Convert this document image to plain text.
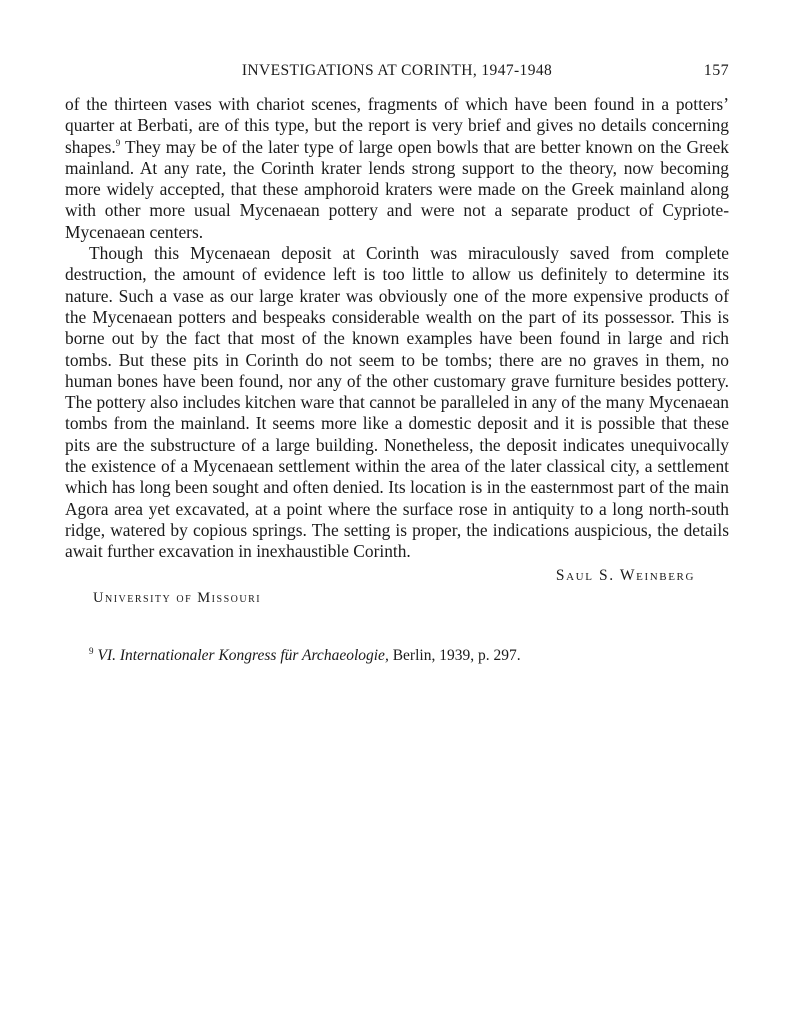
INVESTIGATIONS AT CORINTH, 1947-1948	157

of the thirteen vases with chariot scenes, fragments of which have been found in a potters’ quarter at Berbati, are of this type, but the report is very brief and gives no details concerning shapes.$^9$ They may be of the later type of large open bowls that are better known on the Greek mainland. At any rate, the Corinth krater lends strong support to the theory, now becoming more widely accepted, that these amphoroid kraters were made on the Greek mainland along with other more usual Mycenaean pottery and were not a separate product of Cypriote-Mycenaean centers.

Though this Mycenaean deposit at Corinth was miraculously saved from complete destruction, the amount of evidence left is too little to allow us definitely to determine its nature. Such a vase as our large krater was obviously one of the more expensive products of the Mycenaean potters and bespeaks considerable wealth on the part of its possessor. This is borne out by the fact that most of the known examples have been found in large and rich tombs. But these pits in Corinth do not seem to be tombs; there are no graves in them, no human bones have been found, nor any of the other customary grave furniture besides pottery. The pottery also includes kitchen ware that cannot be paralleled in any of the many Mycenaean tombs from the mainland. It seems more like a domestic deposit and it is possible that these pits are the substructure of a large building. Nonetheless, the deposit indicates unequivocally the existence of a Mycenaean settlement within the area of the later classical city, a settlement which has long been sought and often denied. Its location is in the easternmost part of the main Agora area yet excavated, at a point where the surface rose in antiquity to a long north-south ridge, watered by copious springs. The setting is proper, the indications auspicious, the details await further excavation in inexhaustible Corinth.

Saul S. Weinberg
University of Missouri
$^9$ VI. Internationaler Kongress für Archaeologie, Berlin, 1939, p. 297.
